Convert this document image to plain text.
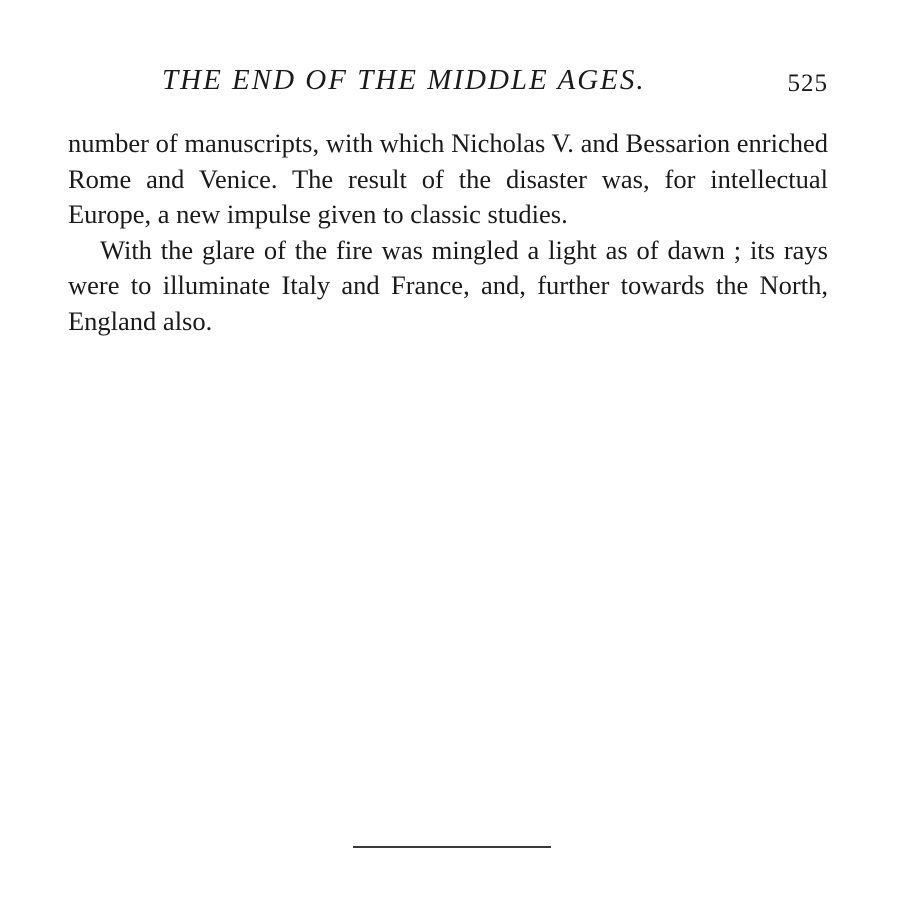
THE END OF THE MIDDLE AGES.	525

number of manuscripts, with which Nicholas V. and Bessarion enriched Rome and Venice. The result of the disaster was, for intellectual Europe, a new impulse given to classic studies.

With the glare of the fire was mingled a light as of dawn ; its rays were to illuminate Italy and France, and, further towards the North, England also.
